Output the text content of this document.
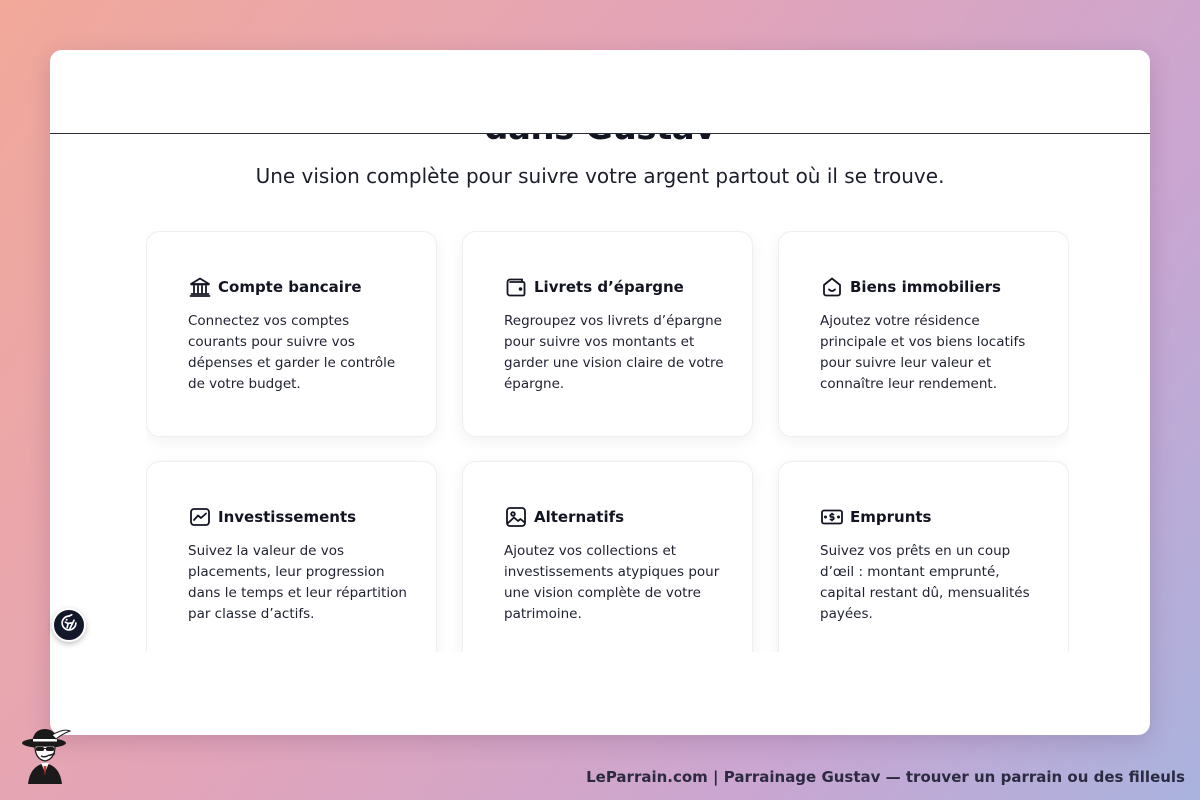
Une vision complète pour suivre votre argent partout où il se trouve.
Compte bancaire
Connectez vos comptes courants pour suivre vos dépenses et garder le contrôle de votre budget.
Livrets d’épargne
Regroupez vos livrets d’épargne pour suivre vos montants et garder une vision claire de votre épargne.
Biens immobiliers
Ajoutez votre résidence principale et vos biens locatifs pour suivre leur valeur et connaître leur rendement.
Investissements
Suivez la valeur de vos placements, leur progression dans le temps et leur répartition par classe d’actifs.
Alternatifs
Ajoutez vos collections et investissements atypiques pour une vision complète de votre patrimoine.
Emprunts
Suivez vos prêts en un coup d’œil : montant emprunté, capital restant dû, mensualités payées.
LeParrain.com | Parrainage Gustav — trouver un parrain ou des filleuls
